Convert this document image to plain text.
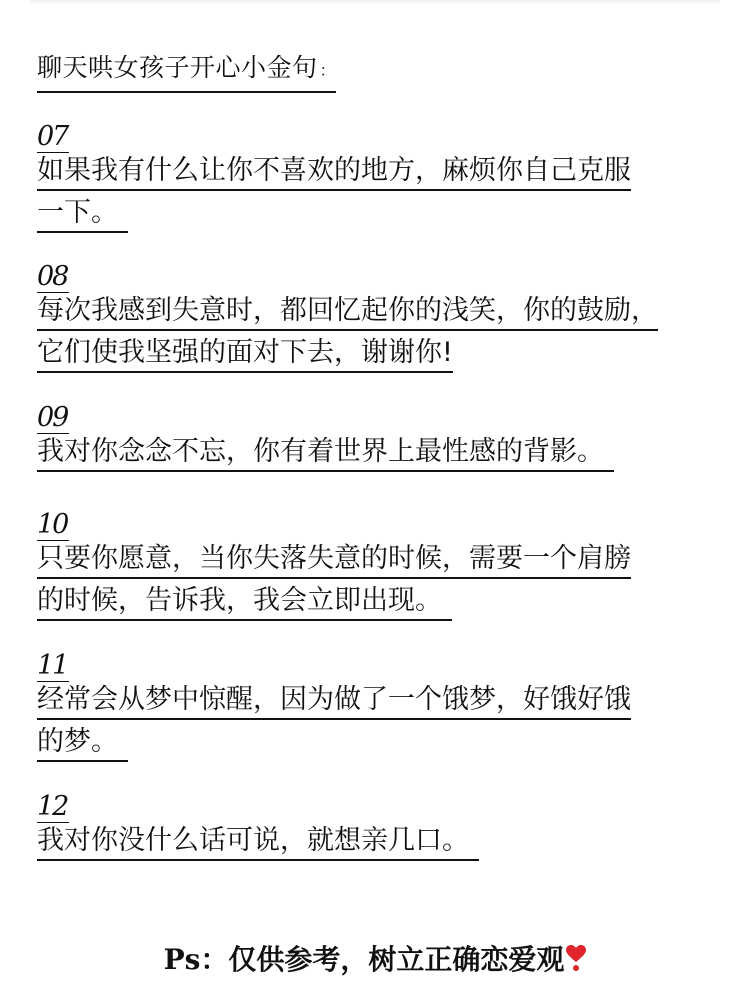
聊天哄女孩子开心小金句 ：
07
如果我有什么让你不喜欢的地方，麻烦你自己克服
一下。
08
每次我感到失意时，都回忆起你的浅笑，你的鼓励，
它们使我坚强的面对下去，谢谢你!
09
我对你念念不忘，你有着世界上最性感的背影。
10
只要你愿意，当你失落失意的时候，需要一个肩膀
的时候，告诉我，我会立即出现。
11
经常会从梦中惊醒，因为做了一个饿梦，好饿好饿
的梦。
12
我对你没什么话可说，就想亲几口。
Ps：仅供参考，树立正确恋爱观
